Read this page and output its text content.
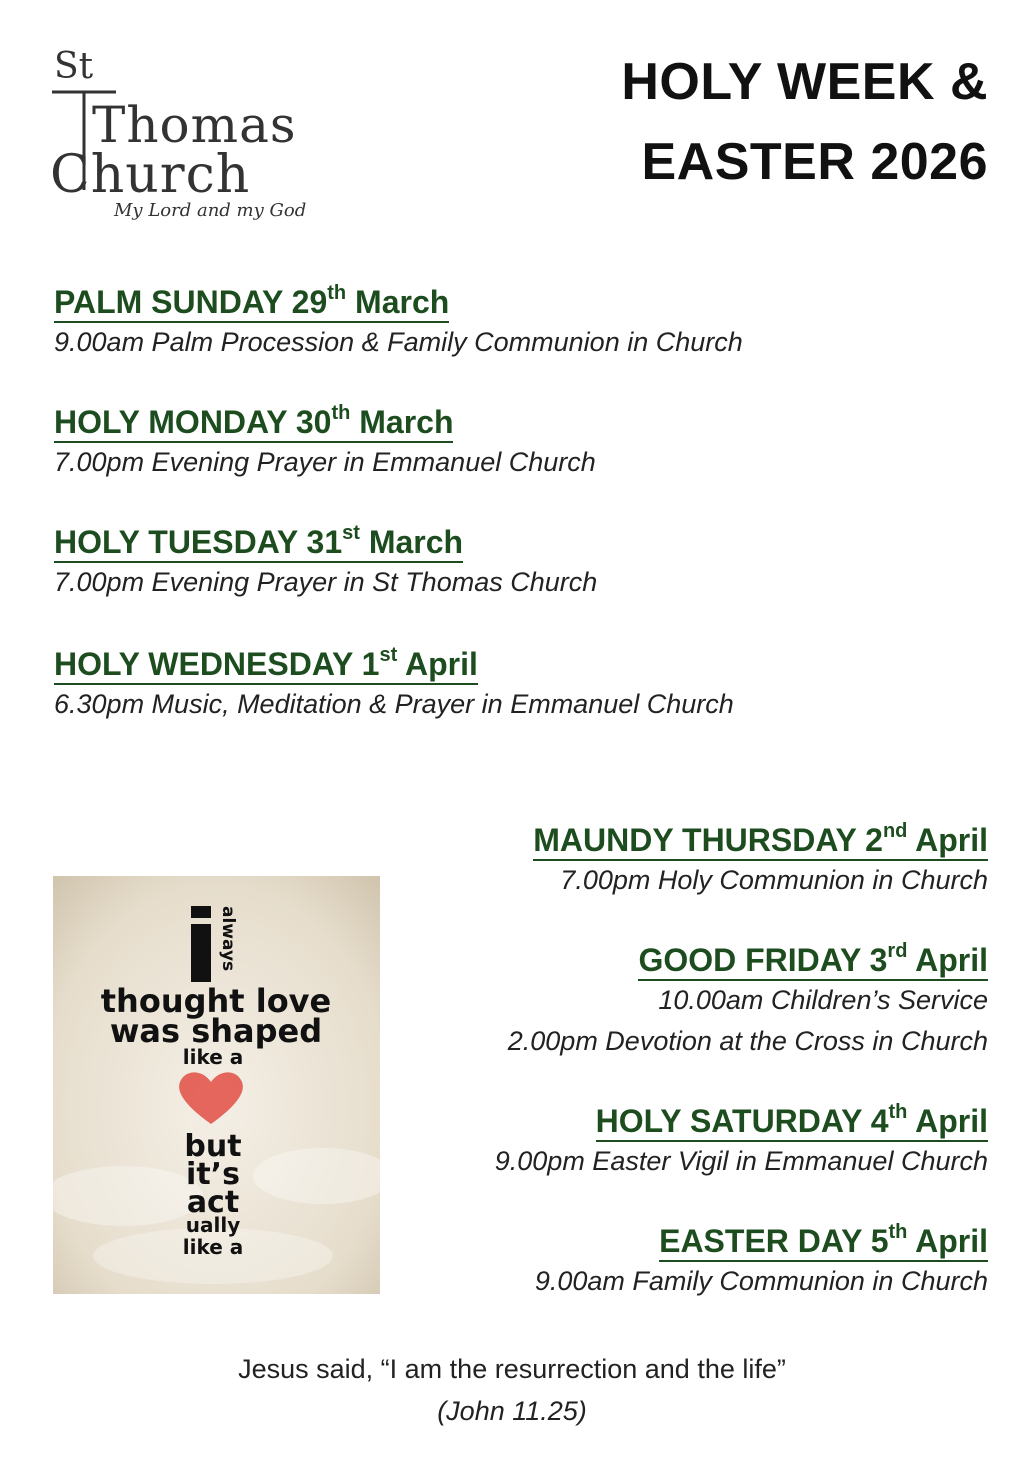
St
Thomas
Church
My Lord and my God
HOLY WEEK &
EASTER 2026
PALM SUNDAY 29th March
9.00am Palm Procession & Family Communion in Church
HOLY MONDAY 30th March
7.00pm Evening Prayer in Emmanuel Church
HOLY TUESDAY 31st March
7.00pm Evening Prayer in St Thomas Church
HOLY WEDNESDAY 1st April
6.30pm Music, Meditation & Prayer in Emmanuel Church
MAUNDY THURSDAY 2nd April
7.00pm Holy Communion in Church
GOOD FRIDAY 3rd April
10.00am Children’s Service
2.00pm Devotion at the Cross in Church
HOLY SATURDAY 4th April
9.00pm Easter Vigil in Emmanuel Church
EASTER DAY 5th April
9.00am Family Communion in Church
always
thought love
was shaped
like a
but
it’s
act
ually
like a
Jesus said, “I am the resurrection and the life”
(John 11.25)
